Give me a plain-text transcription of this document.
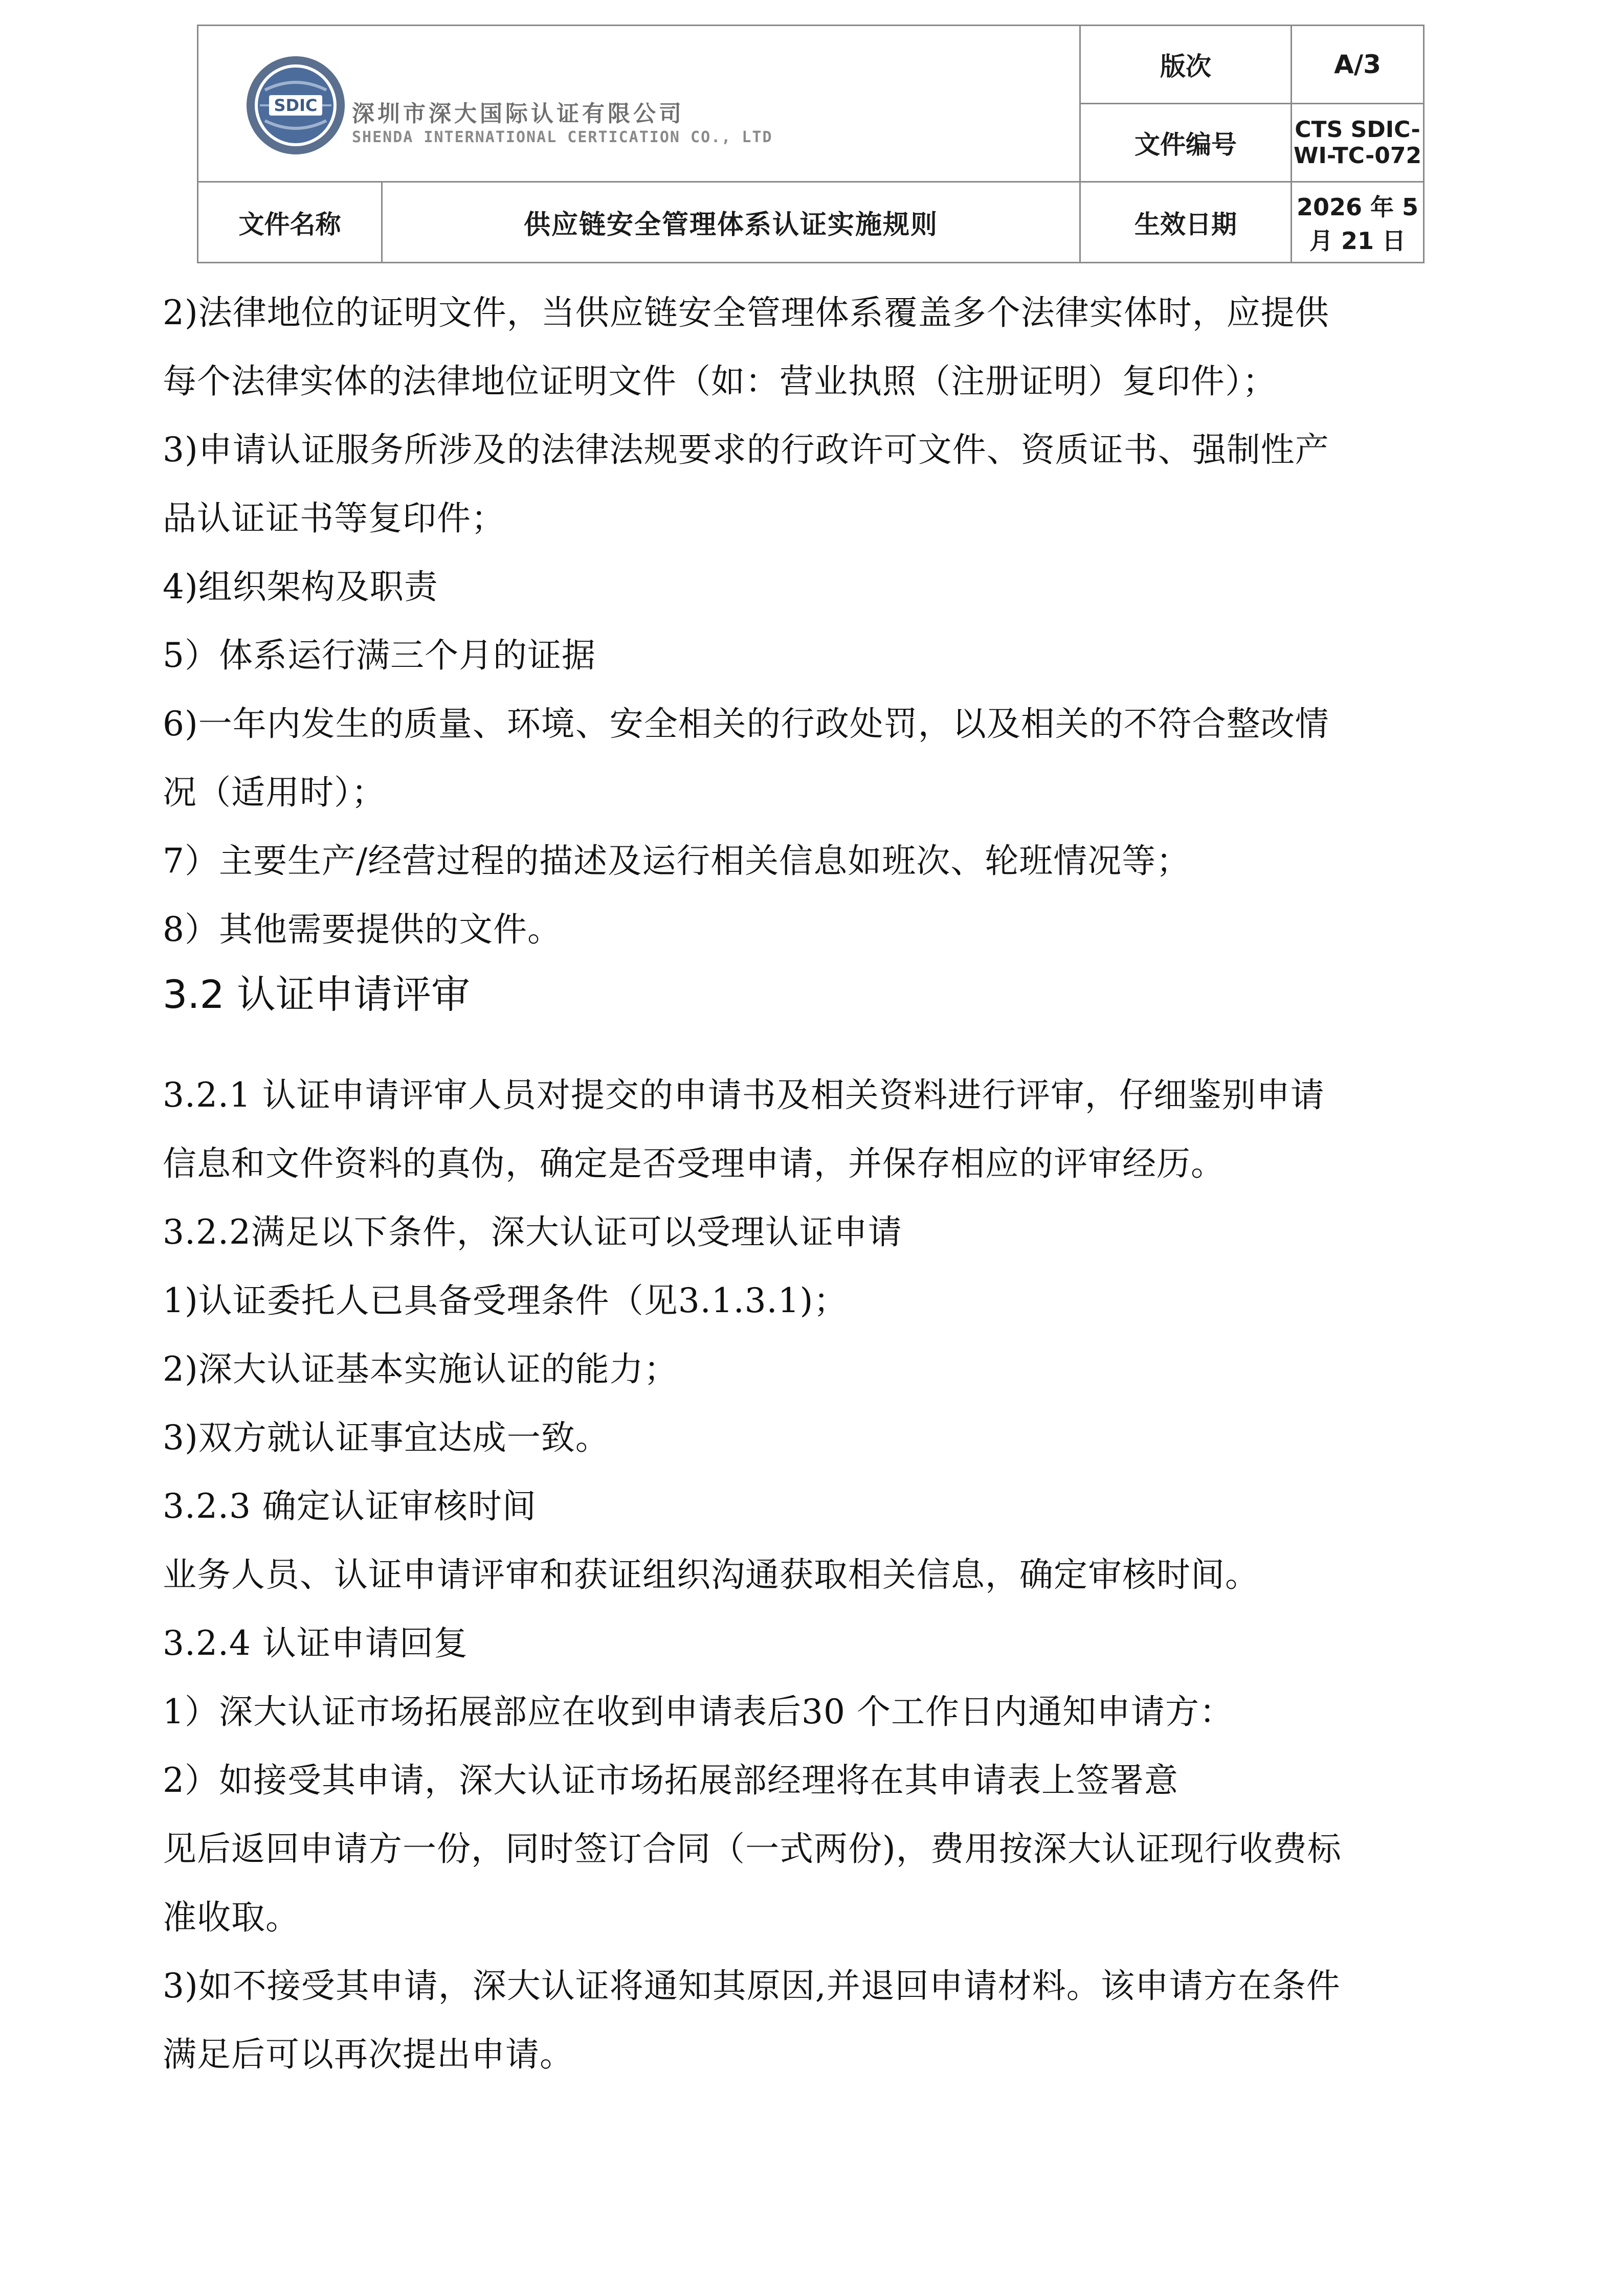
SDIC 深圳市深大国际认证有限公司
SHENDA INTERNATIONAL CERTICATION CO., LTD		版次	A/3
		文件编号	CTS SDIC-WI-TC-072
文件名称	供应链安全管理体系认证实施规则	生效日期	2026 年 5 月 21 日

2)法律地位的证明文件，当供应链安全管理体系覆盖多个法律实体时，应提供

每个法律实体的法律地位证明文件（如：营业执照（注册证明）复印件）；

3)申请认证服务所涉及的法律法规要求的行政许可文件、资质证书、强制性产

品认证证书等复印件；

4)组织架构及职责

5）体系运行满三个月的证据

6)一年内发生的质量、环境、安全相关的行政处罚，以及相关的不符合整改情

况（适用时）；

7）主要生产/经营过程的描述及运行相关信息如班次、轮班情况等；

8）其他需要提供的文件。

3.2 认证申请评审

3.2.1 认证申请评审人员对提交的申请书及相关资料进行评审，仔细鉴别申请

信息和文件资料的真伪，确定是否受理申请，并保存相应的评审经历。

3.2.2满足以下条件，深大认证可以受理认证申请

1)认证委托人已具备受理条件（见3.1.3.1)；

2)深大认证基本实施认证的能力；

3)双方就认证事宜达成一致。

3.2.3 确定认证审核时间

业务人员、认证申请评审和获证组织沟通获取相关信息，确定审核时间。

3.2.4 认证申请回复

1）深大认证市场拓展部应在收到申请表后30 个工作日内通知申请方：

2）如接受其申请，深大认证市场拓展部经理将在其申请表上签署意

见后返回申请方一份，同时签订合同（一式两份)，费用按深大认证现行收费标

准收取。

3)如不接受其申请，深大认证将通知其原因,并退回申请材料。该申请方在条件

满足后可以再次提出申请。
